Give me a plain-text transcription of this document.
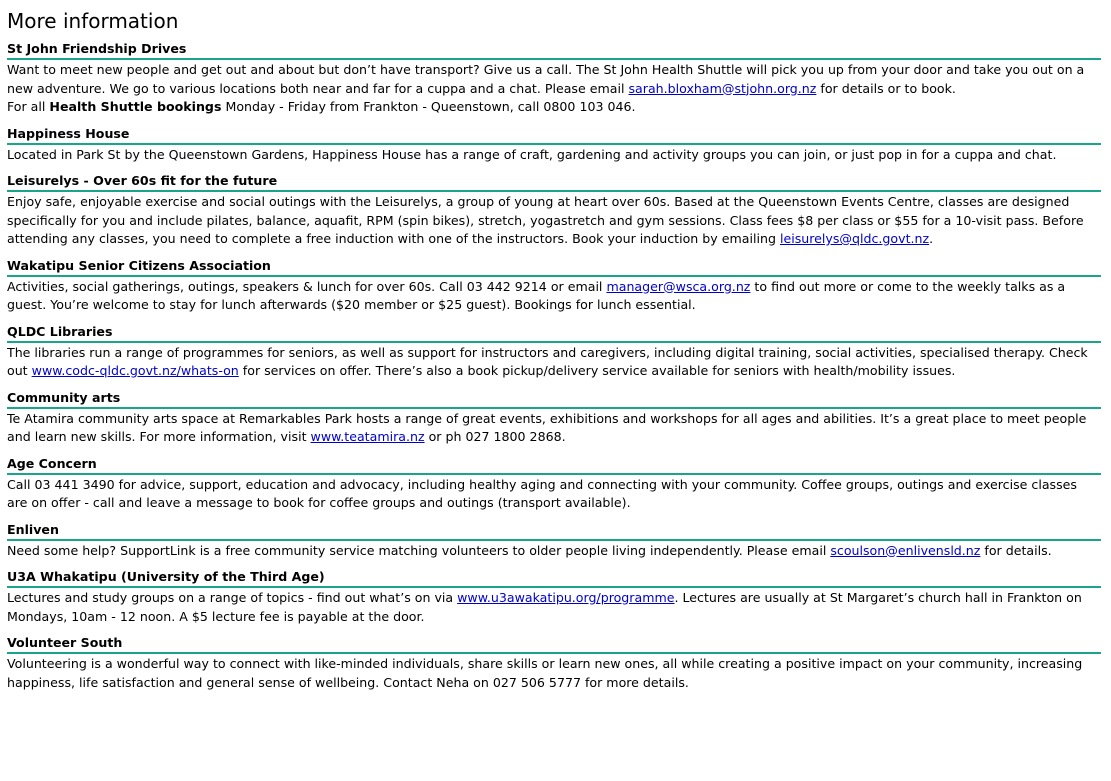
More information
St John Friendship Drives

Want to meet new people and get out and about but don’t have transport? Give us a call. The St John Health Shuttle will pick you up from your door and take you out on a new adventure. We go to various locations both near and far for a cuppa and a chat. Please email sarah.bloxham@stjohn.org.nz for details or to book.
For all Health Shuttle bookings Monday - Friday from Frankton - Queenstown, call 0800 103 046.

Happiness House

Located in Park St by the Queenstown Gardens, Happiness House has a range of craft, gardening and activity groups you can join, or just pop in for a cuppa and chat.

Leisurelys - Over 60s fit for the future

Enjoy safe, enjoyable exercise and social outings with the Leisurelys, a group of young at heart over 60s. Based at the Queenstown Events Centre, classes are designed specifically for you and include pilates, balance, aquafit, RPM (spin bikes), stretch, yogastretch and gym sessions. Class fees $8 per class or $55 for a 10-visit pass. Before attending any classes, you need to complete a free induction with one of the instructors. Book your induction by emailing leisurelys@qldc.govt.nz.

Wakatipu Senior Citizens Association

Activities, social gatherings, outings, speakers & lunch for over 60s. Call 03 442 9214 or email manager@wsca.org.nz to find out more or come to the weekly talks as a guest. You’re welcome to stay for lunch afterwards ($20 member or $25 guest). Bookings for lunch essential.

QLDC Libraries

The libraries run a range of programmes for seniors, as well as support for instructors and caregivers, including digital training, social activities, specialised therapy. Check out www.codc-qldc.govt.nz/whats-on for services on offer. There’s also a book pickup/delivery service available for seniors with health/mobility issues.

Community arts

Te Atamira community arts space at Remarkables Park hosts a range of great events, exhibitions and workshops for all ages and abilities. It’s a great place to meet people and learn new skills. For more information, visit www.teatamira.nz or ph 027 1800 2868.

Age Concern

Call 03 441 3490 for advice, support, education and advocacy, including healthy aging and connecting with your community. Coffee groups, outings and exercise classes are on offer - call and leave a message to book for coffee groups and outings (transport available).

Enliven

Need some help? SupportLink is a free community service matching volunteers to older people living independently. Please email scoulson@enlivensld.nz for details.

U3A Whakatipu (University of the Third Age)

Lectures and study groups on a range of topics - find out what’s on via www.u3awakatipu.org/programme. Lectures are usually at St Margaret’s church hall in Frankton on Mondays, 10am - 12 noon. A $5 lecture fee is payable at the door.

Volunteer South

Volunteering is a wonderful way to connect with like-minded individuals, share skills or learn new ones, all while creating a positive impact on your community, increasing happiness, life satisfaction and general sense of wellbeing. Contact Neha on 027 506 5777 for more details.
